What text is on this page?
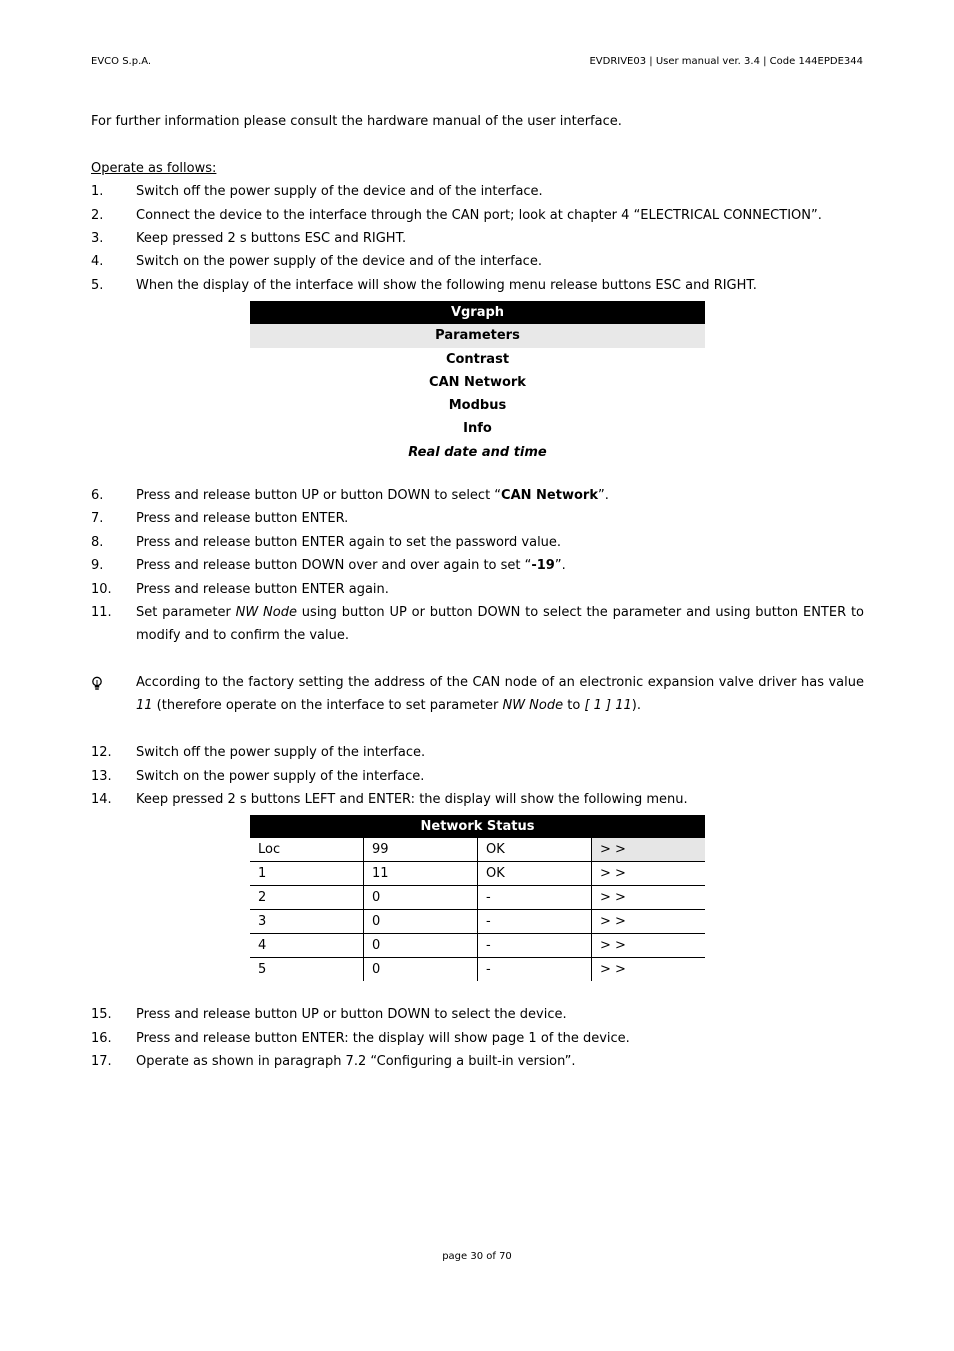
EVCO S.p.A.	EVDRIVE03 | User manual ver. 3.4 | Code 144EPDE344
For further information please consult the hardware manual of the user interface.
Operate as follows:
1.	Switch off the power supply of the device and of the interface.
2.	Connect the device to the interface through the CAN port; look at chapter 4 “ELECTRICAL CONNECTION”.
3.	Keep pressed 2 s buttons ESC and RIGHT.
4.	Switch on the power supply of the device and of the interface.
5.	When the display of the interface will show the following menu release buttons ESC and RIGHT.
Vgraph
Parameters
Contrast
CAN Network
Modbus
Info
Real date and time
6.	Press and release button UP or button DOWN to select “CAN Network”.
7.	Press and release button ENTER.
8.	Press and release button ENTER again to set the password value.
9.	Press and release button DOWN over and over again to set “-19”.
10. Press and release button ENTER again.
11. Set parameter NW Node using button UP or button DOWN to select the parameter and using button ENTER to modify and to confirm the value.
According to the factory setting the address of the CAN node of an electronic expansion valve driver has value 11 (therefore operate on the interface to set parameter NW Node to [ 1 ] 11).
12. Switch off the power supply of the interface.
13. Switch on the power supply of the interface.
14. Keep pressed 2 s buttons LEFT and ENTER: the display will show the following menu.
Network Status			
Loc	99	OK	> >
1	11	OK	> >
2	0	-	> >
3	0	-	> >
4	0	-	> >
5	0	-	> >
15. Press and release button UP or button DOWN to select the device.
16. Press and release button ENTER: the display will show page 1 of the device.
17. Operate as shown in paragraph 7.2 “Configuring a built-in version”.
page 30 of 70
